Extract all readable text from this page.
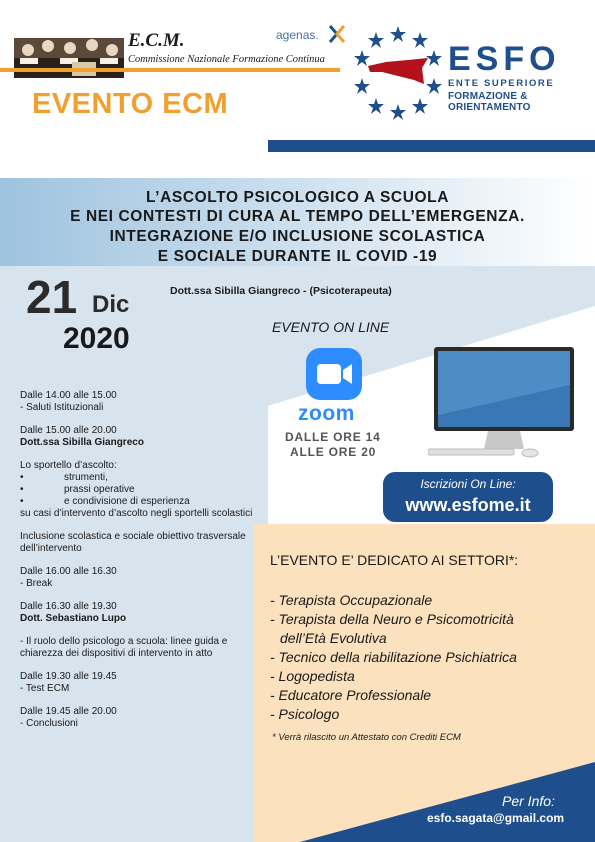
E.C.M.
Commissione Nazionale Formazione Continua
agenas.
EVENTO ECM
ESFO
ENTE SUPERIORE
FORMAZIONE & ORIENTAMENTO
L’ASCOLTO PSICOLOGICO A SCUOLA
E NEI CONTESTI DI CURA AL TEMPO DELL’EMERGENZA.
INTEGRAZIONE E/O INCLUSIONE SCOLASTICA
E SOCIALE DURANTE IL COVID -19
21 Dic
2020
Dott.ssa Sibilla Giangreco - (Psicoterapeuta)
Dalle 14.00 alle 15.00
- Saluti Istituzionali
Dalle 15.00 alle 20.00
Dott.ssa Sibilla Giangreco
Lo sportello d’ascolto:
•	strumenti,
•	prassi operative
•	e condivisione di esperienza
su casi d’intervento d’ascolto negli sportelli scolastici
Inclusione scolastica e sociale obiettivo trasversale dell’intervento
Dalle 16.00 alle 16.30
- Break
Dalle 16.30 alle 19.30
Dott. Sebastiano Lupo
- Il ruolo dello psicologo a scuola: linee guida e chiarezza dei dispositivi di intervento in atto
Dalle 19.30 alle 19.45
- Test ECM
Dalle 19.45 alle 20.00
- Conclusioni
EVENTO ON LINE
zoom
DALLE ORE 14
ALLE ORE 20
Iscrizioni On Line:
www.esfome.it
L’EVENTO E’ DEDICATO AI SETTORI*:
- Terapista Occupazionale
- Terapista della Neuro e Psicomotricità
dell’Età Evolutiva
- Tecnico della riabilitazione Psichiatrica
- Logopedista
- Educatore Professionale
- Psicologo
* Verrà rilascito un Attestato con Crediti ECM
Per Info:
esfo.sagata@gmail.com
